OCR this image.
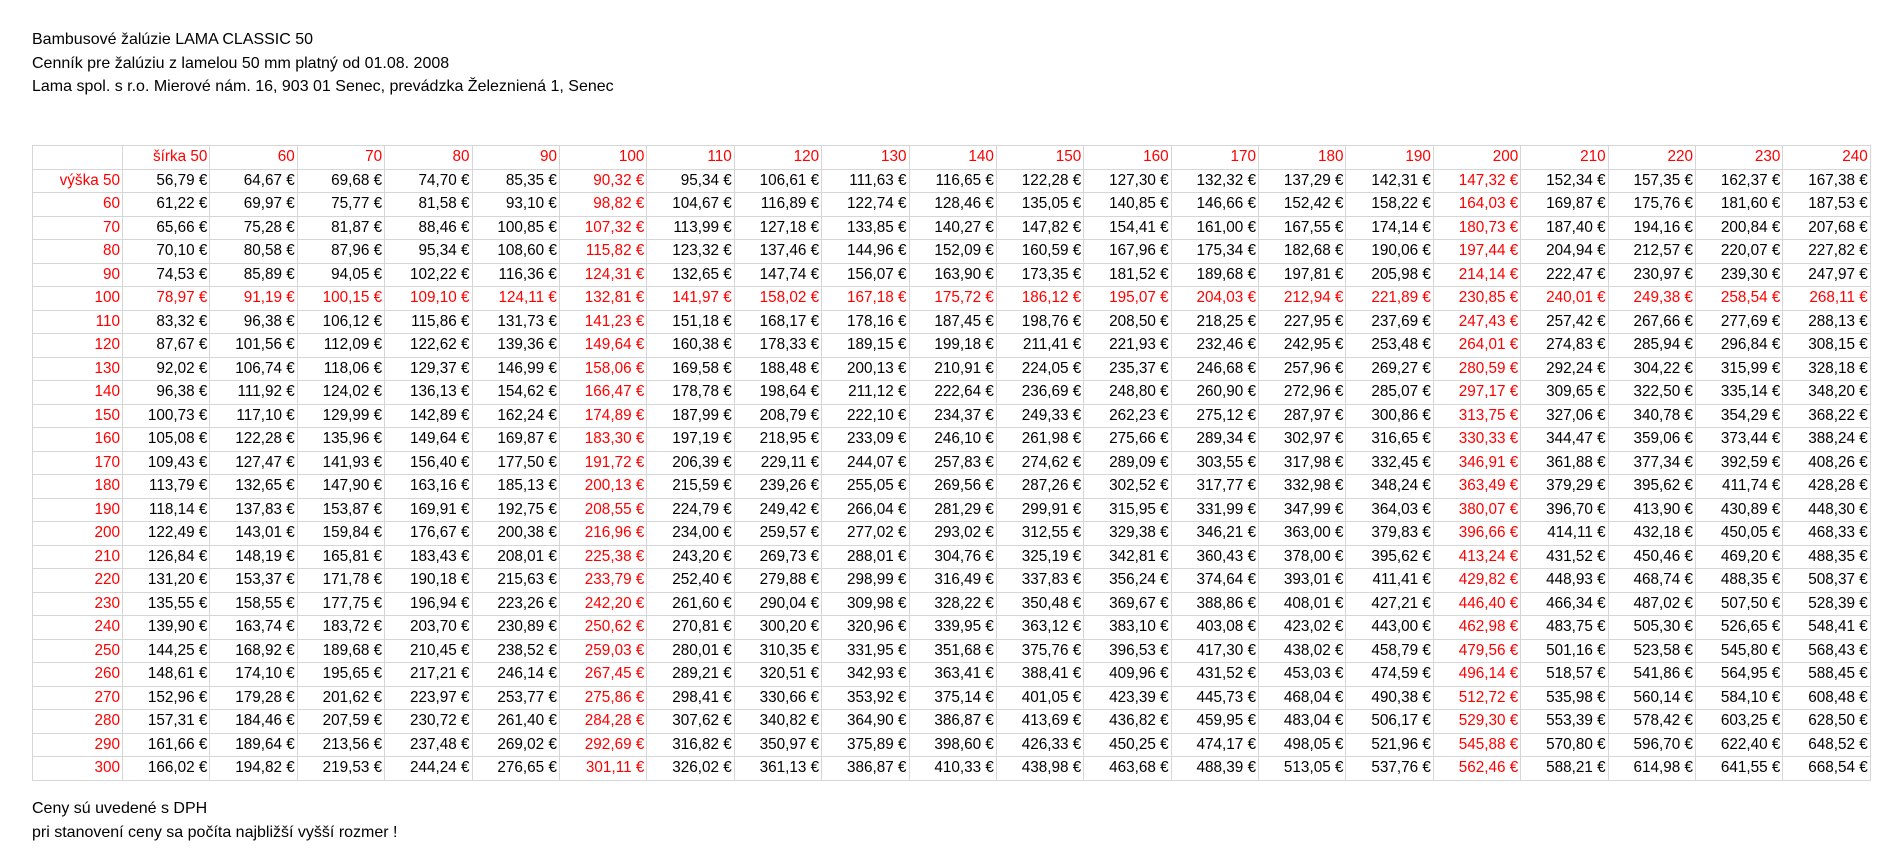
Bambusové žalúzie LAMA CLASSIC 50
Cenník pre žalúziu z lamelou 50 mm platný od 01.08. 2008
Lama spol. s r.o. Mierové nám. 16, 903 01 Senec, prevádzka Železniená 1, Senec
	šírka 50	60	70	80	90	100	110	120	130	140	150	160	170	180	190	200	210	220	230	240
výška 50	56,79 €	64,67 €	69,68 €	74,70 €	85,35 €	90,32 €	95,34 €	106,61 €	111,63 €	116,65 €	122,28 €	127,30 €	132,32 €	137,29 €	142,31 €	147,32 €	152,34 €	157,35 €	162,37 €	167,38 €
60	61,22 €	69,97 €	75,77 €	81,58 €	93,10 €	98,82 €	104,67 €	116,89 €	122,74 €	128,46 €	135,05 €	140,85 €	146,66 €	152,42 €	158,22 €	164,03 €	169,87 €	175,76 €	181,60 €	187,53 €
70	65,66 €	75,28 €	81,87 €	88,46 €	100,85 €	107,32 €	113,99 €	127,18 €	133,85 €	140,27 €	147,82 €	154,41 €	161,00 €	167,55 €	174,14 €	180,73 €	187,40 €	194,16 €	200,84 €	207,68 €
80	70,10 €	80,58 €	87,96 €	95,34 €	108,60 €	115,82 €	123,32 €	137,46 €	144,96 €	152,09 €	160,59 €	167,96 €	175,34 €	182,68 €	190,06 €	197,44 €	204,94 €	212,57 €	220,07 €	227,82 €
90	74,53 €	85,89 €	94,05 €	102,22 €	116,36 €	124,31 €	132,65 €	147,74 €	156,07 €	163,90 €	173,35 €	181,52 €	189,68 €	197,81 €	205,98 €	214,14 €	222,47 €	230,97 €	239,30 €	247,97 €
100	78,97 €	91,19 €	100,15 €	109,10 €	124,11 €	132,81 €	141,97 €	158,02 €	167,18 €	175,72 €	186,12 €	195,07 €	204,03 €	212,94 €	221,89 €	230,85 €	240,01 €	249,38 €	258,54 €	268,11 €
110	83,32 €	96,38 €	106,12 €	115,86 €	131,73 €	141,23 €	151,18 €	168,17 €	178,16 €	187,45 €	198,76 €	208,50 €	218,25 €	227,95 €	237,69 €	247,43 €	257,42 €	267,66 €	277,69 €	288,13 €
120	87,67 €	101,56 €	112,09 €	122,62 €	139,36 €	149,64 €	160,38 €	178,33 €	189,15 €	199,18 €	211,41 €	221,93 €	232,46 €	242,95 €	253,48 €	264,01 €	274,83 €	285,94 €	296,84 €	308,15 €
130	92,02 €	106,74 €	118,06 €	129,37 €	146,99 €	158,06 €	169,58 €	188,48 €	200,13 €	210,91 €	224,05 €	235,37 €	246,68 €	257,96 €	269,27 €	280,59 €	292,24 €	304,22 €	315,99 €	328,18 €
140	96,38 €	111,92 €	124,02 €	136,13 €	154,62 €	166,47 €	178,78 €	198,64 €	211,12 €	222,64 €	236,69 €	248,80 €	260,90 €	272,96 €	285,07 €	297,17 €	309,65 €	322,50 €	335,14 €	348,20 €
150	100,73 €	117,10 €	129,99 €	142,89 €	162,24 €	174,89 €	187,99 €	208,79 €	222,10 €	234,37 €	249,33 €	262,23 €	275,12 €	287,97 €	300,86 €	313,75 €	327,06 €	340,78 €	354,29 €	368,22 €
160	105,08 €	122,28 €	135,96 €	149,64 €	169,87 €	183,30 €	197,19 €	218,95 €	233,09 €	246,10 €	261,98 €	275,66 €	289,34 €	302,97 €	316,65 €	330,33 €	344,47 €	359,06 €	373,44 €	388,24 €
170	109,43 €	127,47 €	141,93 €	156,40 €	177,50 €	191,72 €	206,39 €	229,11 €	244,07 €	257,83 €	274,62 €	289,09 €	303,55 €	317,98 €	332,45 €	346,91 €	361,88 €	377,34 €	392,59 €	408,26 €
180	113,79 €	132,65 €	147,90 €	163,16 €	185,13 €	200,13 €	215,59 €	239,26 €	255,05 €	269,56 €	287,26 €	302,52 €	317,77 €	332,98 €	348,24 €	363,49 €	379,29 €	395,62 €	411,74 €	428,28 €
190	118,14 €	137,83 €	153,87 €	169,91 €	192,75 €	208,55 €	224,79 €	249,42 €	266,04 €	281,29 €	299,91 €	315,95 €	331,99 €	347,99 €	364,03 €	380,07 €	396,70 €	413,90 €	430,89 €	448,30 €
200	122,49 €	143,01 €	159,84 €	176,67 €	200,38 €	216,96 €	234,00 €	259,57 €	277,02 €	293,02 €	312,55 €	329,38 €	346,21 €	363,00 €	379,83 €	396,66 €	414,11 €	432,18 €	450,05 €	468,33 €
210	126,84 €	148,19 €	165,81 €	183,43 €	208,01 €	225,38 €	243,20 €	269,73 €	288,01 €	304,76 €	325,19 €	342,81 €	360,43 €	378,00 €	395,62 €	413,24 €	431,52 €	450,46 €	469,20 €	488,35 €
220	131,20 €	153,37 €	171,78 €	190,18 €	215,63 €	233,79 €	252,40 €	279,88 €	298,99 €	316,49 €	337,83 €	356,24 €	374,64 €	393,01 €	411,41 €	429,82 €	448,93 €	468,74 €	488,35 €	508,37 €
230	135,55 €	158,55 €	177,75 €	196,94 €	223,26 €	242,20 €	261,60 €	290,04 €	309,98 €	328,22 €	350,48 €	369,67 €	388,86 €	408,01 €	427,21 €	446,40 €	466,34 €	487,02 €	507,50 €	528,39 €
240	139,90 €	163,74 €	183,72 €	203,70 €	230,89 €	250,62 €	270,81 €	300,20 €	320,96 €	339,95 €	363,12 €	383,10 €	403,08 €	423,02 €	443,00 €	462,98 €	483,75 €	505,30 €	526,65 €	548,41 €
250	144,25 €	168,92 €	189,68 €	210,45 €	238,52 €	259,03 €	280,01 €	310,35 €	331,95 €	351,68 €	375,76 €	396,53 €	417,30 €	438,02 €	458,79 €	479,56 €	501,16 €	523,58 €	545,80 €	568,43 €
260	148,61 €	174,10 €	195,65 €	217,21 €	246,14 €	267,45 €	289,21 €	320,51 €	342,93 €	363,41 €	388,41 €	409,96 €	431,52 €	453,03 €	474,59 €	496,14 €	518,57 €	541,86 €	564,95 €	588,45 €
270	152,96 €	179,28 €	201,62 €	223,97 €	253,77 €	275,86 €	298,41 €	330,66 €	353,92 €	375,14 €	401,05 €	423,39 €	445,73 €	468,04 €	490,38 €	512,72 €	535,98 €	560,14 €	584,10 €	608,48 €
280	157,31 €	184,46 €	207,59 €	230,72 €	261,40 €	284,28 €	307,62 €	340,82 €	364,90 €	386,87 €	413,69 €	436,82 €	459,95 €	483,04 €	506,17 €	529,30 €	553,39 €	578,42 €	603,25 €	628,50 €
290	161,66 €	189,64 €	213,56 €	237,48 €	269,02 €	292,69 €	316,82 €	350,97 €	375,89 €	398,60 €	426,33 €	450,25 €	474,17 €	498,05 €	521,96 €	545,88 €	570,80 €	596,70 €	622,40 €	648,52 €
300	166,02 €	194,82 €	219,53 €	244,24 €	276,65 €	301,11 €	326,02 €	361,13 €	386,87 €	410,33 €	438,98 €	463,68 €	488,39 €	513,05 €	537,76 €	562,46 €	588,21 €	614,98 €	641,55 €	668,54 €
Ceny sú uvedené s DPH
pri stanovení ceny sa počíta najbližší vyšší rozmer !
